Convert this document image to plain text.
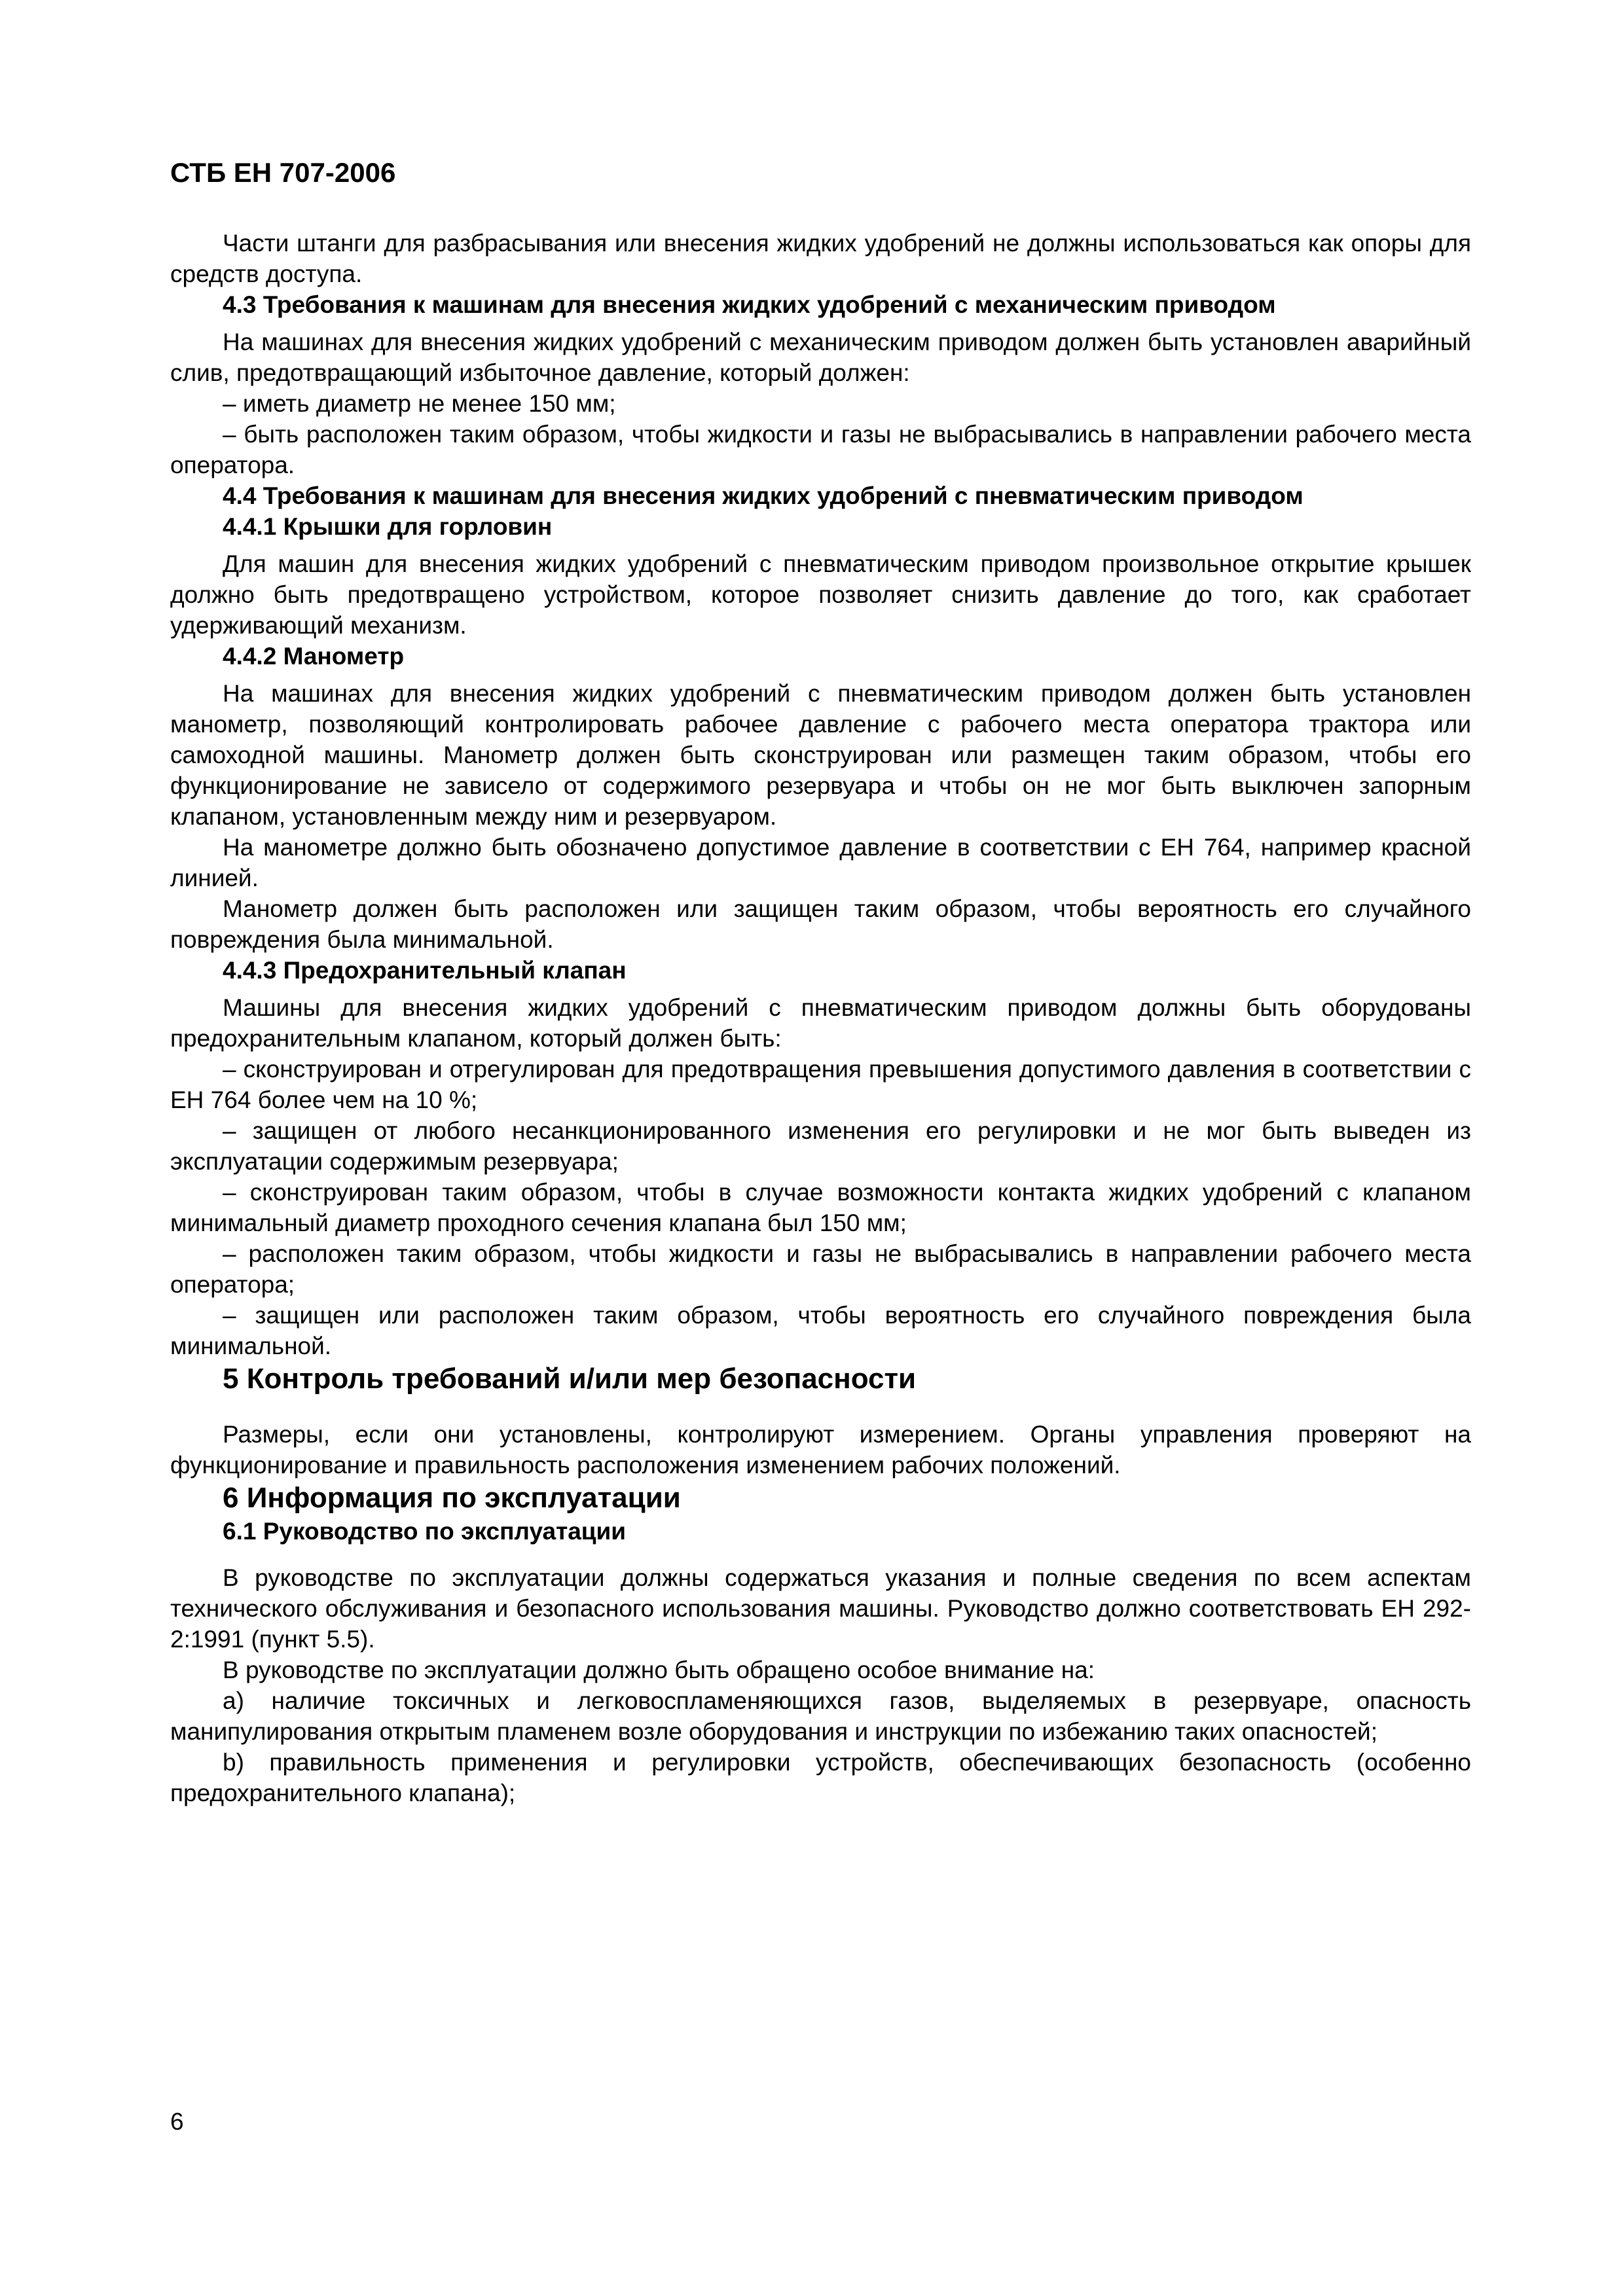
СТБ ЕН 707-2006

Части штанги для разбрасывания или внесения жидких удобрений не должны использоваться как опоры для средств доступа.

4.3 Требования к машинам для внесения жидких удобрений с механическим приводом

На машинах для внесения жидких удобрений с механическим приводом должен быть установлен аварийный слив, предотвращающий избыточное давление, который должен:

– иметь диаметр не менее 150 мм;

– быть расположен таким образом, чтобы жидкости и газы не выбрасывались в направлении рабочего места оператора.

4.4 Требования к машинам для внесения жидких удобрений с пневматическим приводом
4.4.1 Крышки для горловин

Для машин для внесения жидких удобрений с пневматическим приводом произвольное открытие крышек должно быть предотвращено устройством, которое позволяет снизить давление до того, как сработает удерживающий механизм.

4.4.2 Манометр

На машинах для внесения жидких удобрений с пневматическим приводом должен быть установлен манометр, позволяющий контролировать рабочее давление с рабочего места оператора трактора или самоходной машины. Манометр должен быть сконструирован или размещен таким образом, чтобы его функционирование не зависело от содержимого резервуара и чтобы он не мог быть выключен запорным клапаном, установленным между ним и резервуаром.

На манометре должно быть обозначено допустимое давление в соответствии с ЕН 764, например красной линией.

Манометр должен быть расположен или защищен таким образом, чтобы вероятность его случайного повреждения была минимальной.

4.4.3 Предохранительный клапан

Машины для внесения жидких удобрений с пневматическим приводом должны быть оборудованы предохранительным клапаном, который должен быть:

– сконструирован и отрегулирован для предотвращения превышения допустимого давления в соответствии с ЕН 764 более чем на 10 %;

– защищен от любого несанкционированного изменения его регулировки и не мог быть выведен из эксплуатации содержимым резервуара;

– сконструирован таким образом, чтобы в случае возможности контакта жидких удобрений с клапаном минимальный диаметр проходного сечения клапана был 150 мм;

– расположен таким образом, чтобы жидкости и газы не выбрасывались в направлении рабочего места оператора;

– защищен или расположен таким образом, чтобы вероятность его случайного повреждения была минимальной.

5 Контроль требований и/или мер безопасности

Размеры, если они установлены, контролируют измерением. Органы управления проверяют на функционирование и правильность расположения изменением рабочих положений.

6 Информация по эксплуатации
6.1 Руководство по эксплуатации

В руководстве по эксплуатации должны содержаться указания и полные сведения по всем аспектам технического обслуживания и безопасного использования машины. Руководство должно соответствовать ЕН 292-2:1991 (пункт 5.5).

В руководстве по эксплуатации должно быть обращено особое внимание на:

а) наличие токсичных и легковоспламеняющихся газов, выделяемых в резервуаре, опасность манипулирования открытым пламенем возле оборудования и инструкции по избежанию таких опасностей;

b) правильность применения и регулировки устройств, обеспечивающих безопасность (особенно предохранительного клапана);

6
